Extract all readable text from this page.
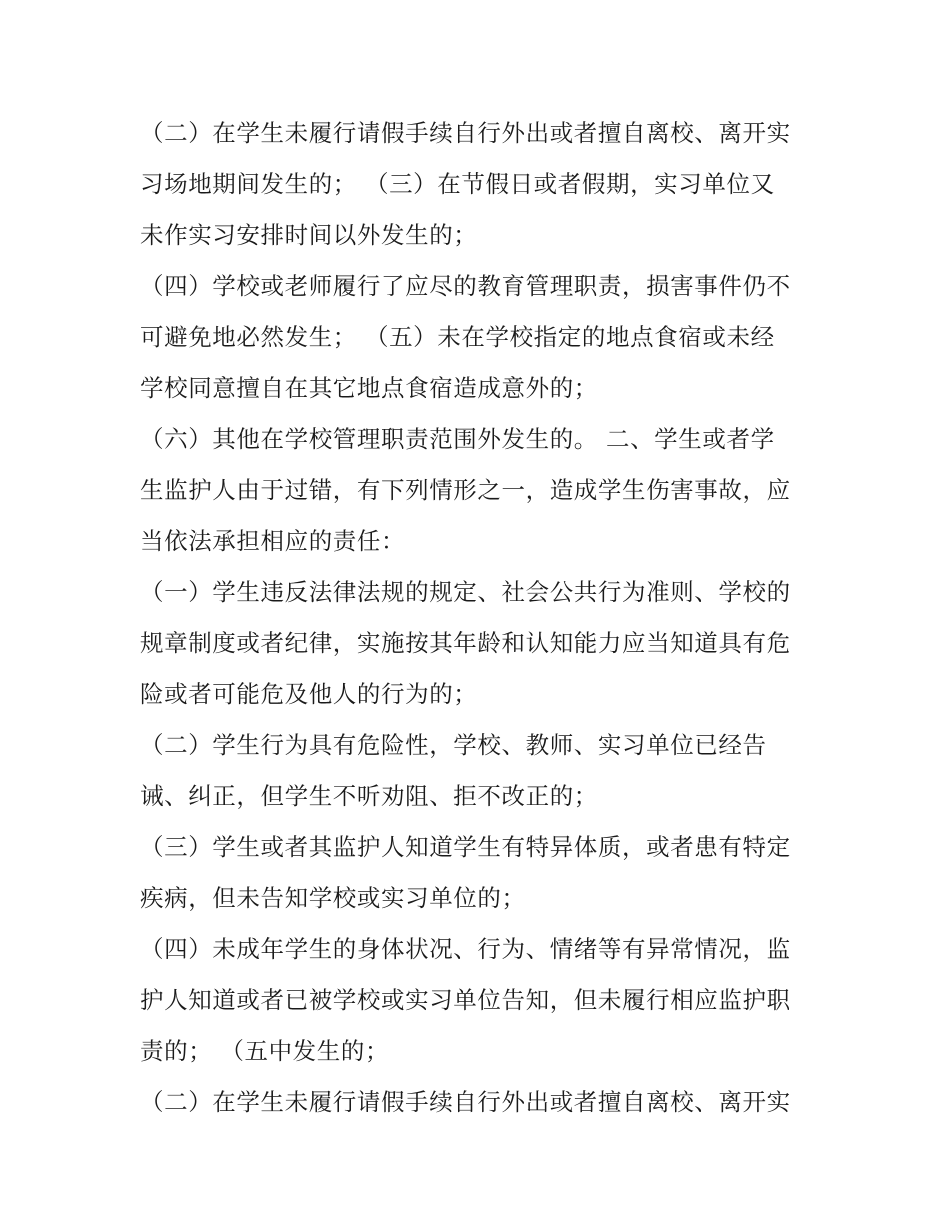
（二）在学生未履行请假手续自行外出或者擅自离校、离开实
习场地期间发生的； （三）在节假日或者假期，实习单位又
未作实习安排时间以外发生的；
（四）学校或老师履行了应尽的教育管理职责，损害事件仍不
可避免地必然发生； （五）未在学校指定的地点食宿或未经
学校同意擅自在其它地点食宿造成意外的；
（六）其他在学校管理职责范围外发生的。 二、学生或者学
生监护人由于过错，有下列情形之一，造成学生伤害事故，应
当依法承担相应的责任：
（一）学生违反法律法规的规定、社会公共行为准则、学校的
规章制度或者纪律，实施按其年龄和认知能力应当知道具有危
险或者可能危及他人的行为的；
（二）学生行为具有危险性，学校、教师、实习单位已经告
诫、纠正，但学生不听劝阻、拒不改正的；
（三）学生或者其监护人知道学生有特异体质，或者患有特定
疾病，但未告知学校或实习单位的；
（四）未成年学生的身体状况、行为、情绪等有异常情况，监
护人知道或者已被学校或实习单位告知，但未履行相应监护职
责的； （五中发生的；
（二）在学生未履行请假手续自行外出或者擅自离校、离开实
